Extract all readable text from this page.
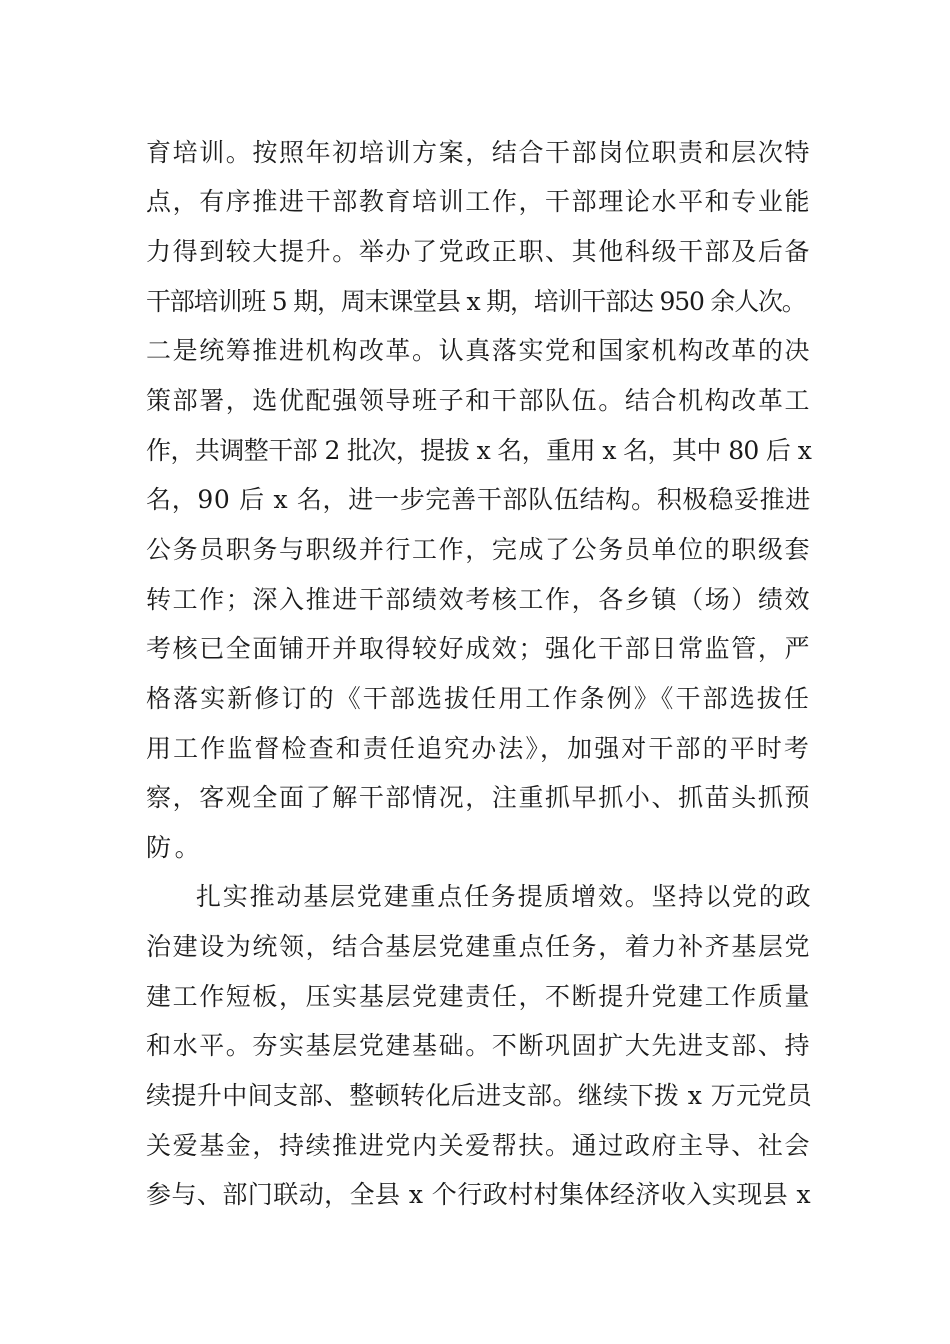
育培训。按照年初培训方案，结合干部岗位职责和层次特
点，有序推进干部教育培训工作，干部理论水平和专业能
力得到较大提升。举办了党政正职、其他科级干部及后备
干部培训班 5 期，周末课堂县 x 期，培训干部达 950 余人次。
二是统筹推进机构改革。认真落实党和国家机构改革的决
策部署，选优配强领导班子和干部队伍。结合机构改革工
作，共调整干部 2 批次，提拔 x 名，重用 x 名，其中 80 后 x
名，90 后 x 名，进一步完善干部队伍结构。积极稳妥推进
公务员职务与职级并行工作，完成了公务员单位的职级套
转工作；深入推进干部绩效考核工作，各乡镇（场）绩效
考核已全面铺开并取得较好成效；强化干部日常监管，严
格落实新修订的《干部选拔任用工作条例》《干部选拔任
用工作监督检查和责任追究办法》，加强对干部的平时考
察，客观全面了解干部情况，注重抓早抓小、抓苗头抓预
防。
扎实推动基层党建重点任务提质增效。坚持以党的政
治建设为统领，结合基层党建重点任务，着力补齐基层党
建工作短板，压实基层党建责任，不断提升党建工作质量
和水平。夯实基层党建基础。不断巩固扩大先进支部、持
续提升中间支部、整顿转化后进支部。继续下拨 x 万元党员
关爱基金，持续推进党内关爱帮扶。通过政府主导、社会
参与、部门联动，全县 x 个行政村村集体经济收入实现县 x
